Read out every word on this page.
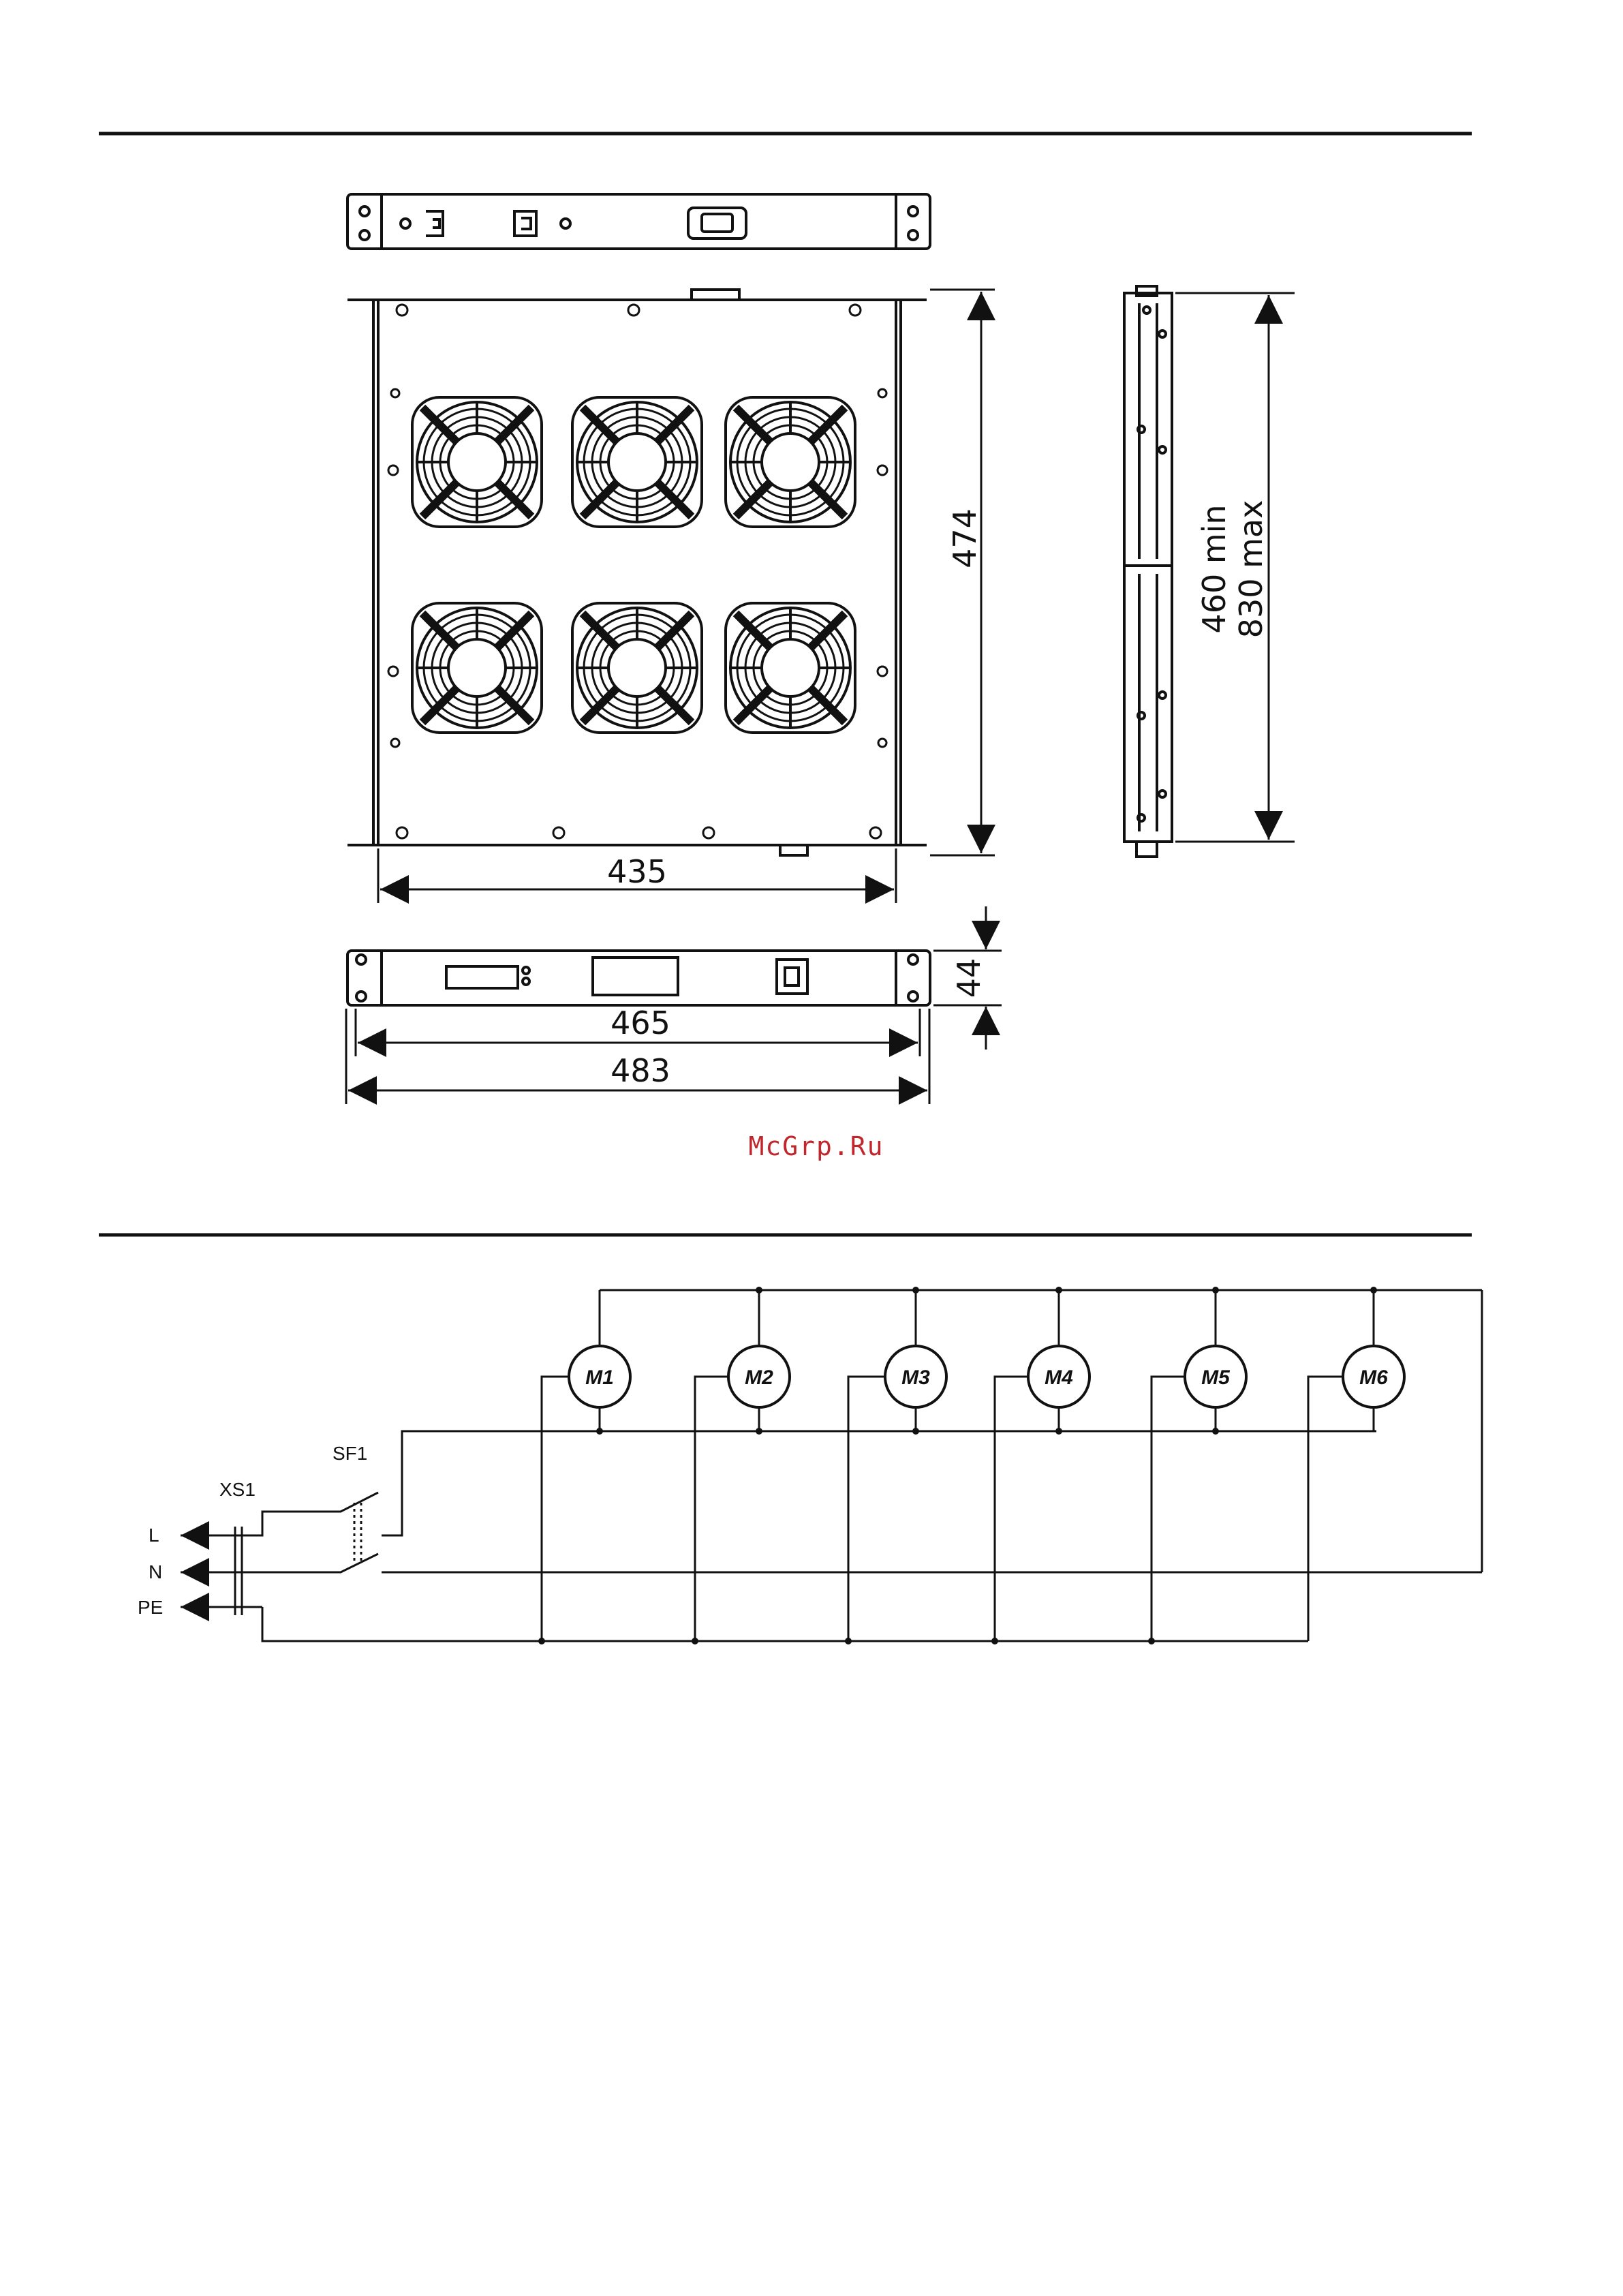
474
435
460 min 830 max
44
465
483
McGrp.Ru
M1	M2	M3	M4	M5	M6
XS1
SF1
L
N
PE
